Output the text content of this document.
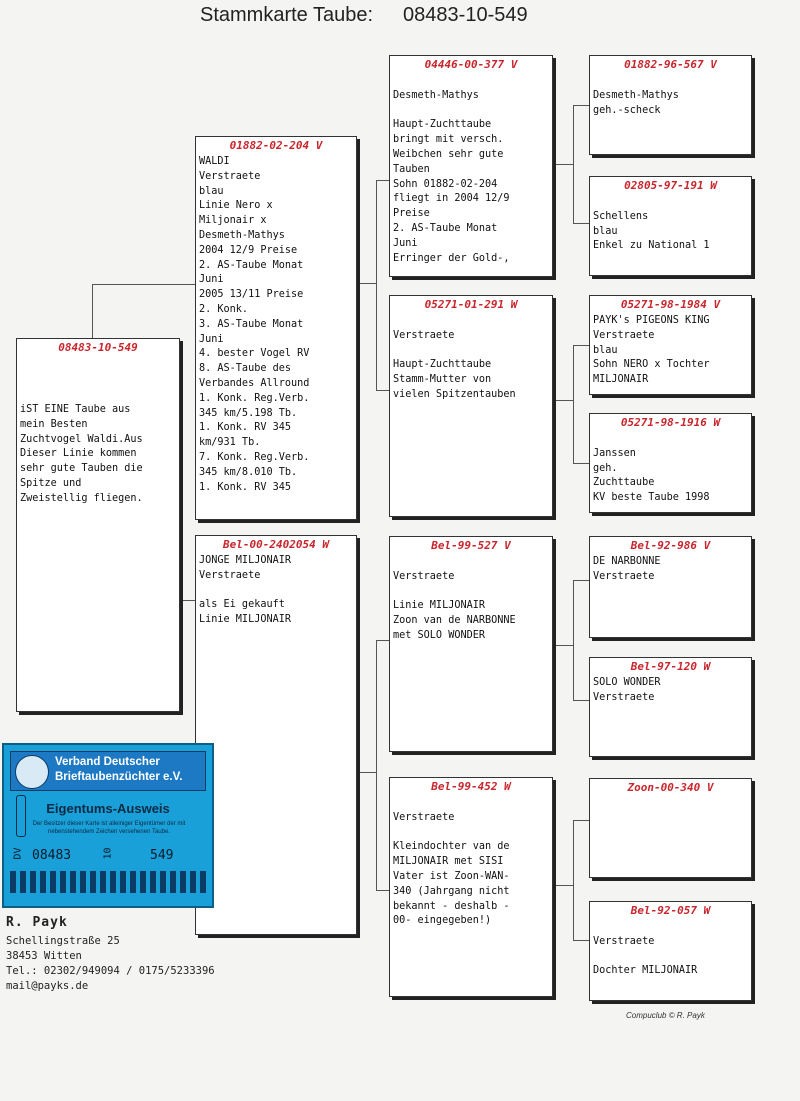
Stammkarte Taube: 08483-10-549
08483-10-549
iST EINE Taube aus
mein Besten
Zuchtvogel Waldi.Aus
Dieser Linie kommen
sehr gute Tauben die
Spitze und
Zweistellig fliegen.
01882-02-204 V
WALDI
Verstraete
blau
Linie Nero x
Miljonair x
Desmeth-Mathys
2004 12/9 Preise
2. AS-Taube Monat
Juni
2005 13/11 Preise
2. Konk.
3. AS-Taube Monat
Juni
4. bester Vogel RV
8. AS-Taube des
Verbandes Allround
1. Konk. Reg.Verb.
345 km/5.198 Tb.
1. Konk. RV 345
km/931 Tb.
7. Konk. Reg.Verb.
345 km/8.010 Tb.
1. Konk. RV 345
Bel-00-2402054 W
JONGE MILJONAIR
Verstraete

als Ei gekauft
Linie MILJONAIR
04446-00-377 V

Desmeth-Mathys

Haupt-Zuchttaube
bringt mit versch.
Weibchen sehr gute
Tauben
Sohn 01882-02-204
fliegt in 2004 12/9
Preise
2. AS-Taube Monat
Juni
Erringer der Gold-,
05271-01-291 W

Verstraete

Haupt-Zuchttaube
Stamm-Mutter von
vielen Spitzentauben
Bel-99-527 V

Verstraete

Linie MILJONAIR
Zoon van de NARBONNE
met SOLO WONDER
Bel-99-452 W

Verstraete

Kleindochter van de
MILJONAIR met SISI
Vater ist Zoon-WAN-
340 (Jahrgang nicht
bekannt - deshalb -
00- eingegeben!)
01882-96-567 V

Desmeth-Mathys
geh.-scheck
02805-97-191 W

Schellens
blau
Enkel zu National 1
05271-98-1984 V
PAYK's PIGEONS KING
Verstraete
blau
Sohn NERO x Tochter
MILJONAIR
05271-98-1916 W

Janssen
geh.
Zuchttaube
KV beste Taube 1998
Bel-92-986 V
DE NARBONNE
Verstraete
Bel-97-120 W
SOLO WONDER
Verstraete
Zoon-00-340 V
Bel-92-057 W

Verstraete

Dochter MILJONAIR
Verband Deutscher
Brieftaubenzüchter e.V.
Eigentums-Ausweis
Der Besitzer dieser Karte ist alleiniger Eigentümer der mit nebenstehendem Zeichen versehenen Taube.
DV 08483	10	549
R. Payk
Schellingstraße 25
38453 Witten
Tel.: 02302/949094 / 0175/5233396
mail@payks.de
Compuclub © R. Payk
